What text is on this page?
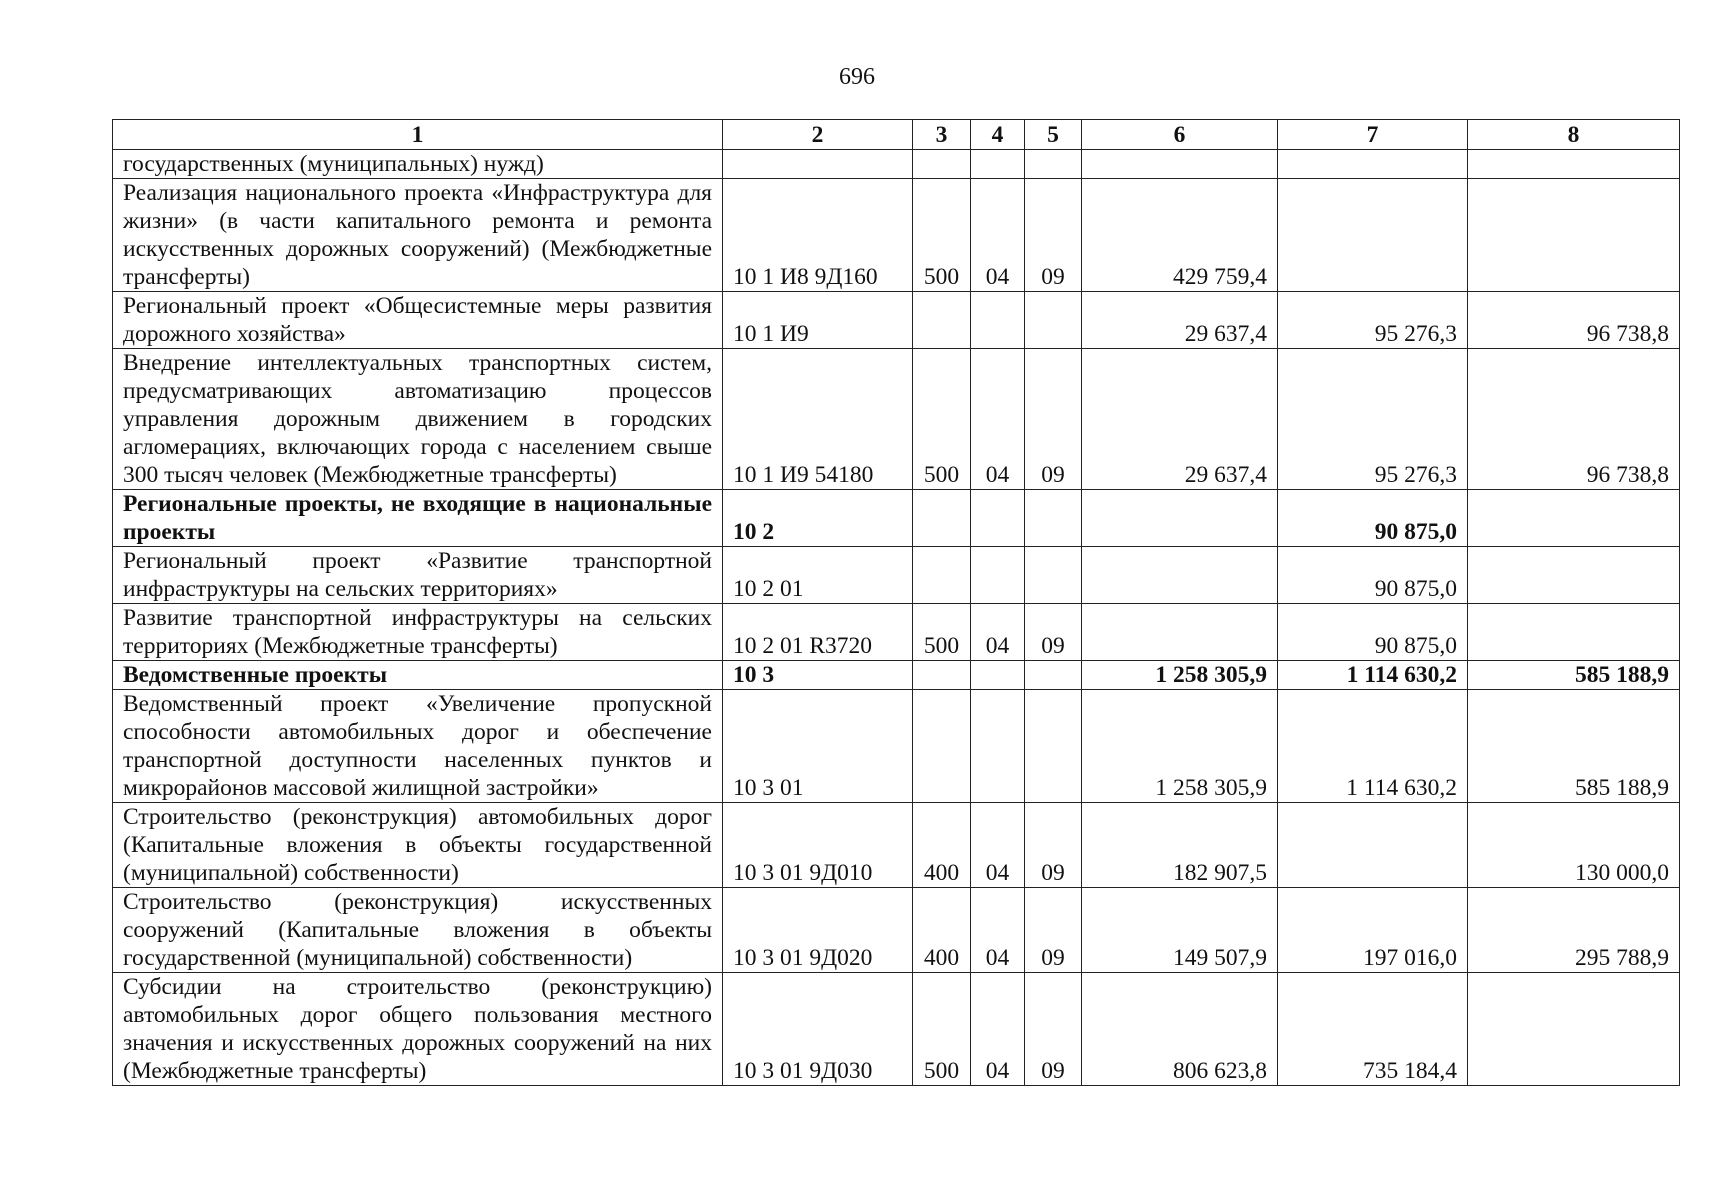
696
1	2	3	4	5	6	7	8
государственных (муниципальных) нужд)							
Реализация национального проекта «Инфраструктура для жизни» (в части капитального ремонта и ремонта искусственных дорожных сооружений) (Межбюджетные трансферты)	10 1 И8 9Д160	500	04	09	429 759,4		
Региональный проект «Общесистемные меры развития дорожного хозяйства»	10 1 И9				29 637,4	95 276,3	96 738,8
Внедрение интеллектуальных транспортных систем, предусматривающих автоматизацию процессов управления дорожным движением в городских агломерациях, включающих города с населением свыше 300 тысяч человек (Межбюджетные трансферты)	10 1 И9 54180	500	04	09	29 637,4	95 276,3	96 738,8
Региональные проекты, не входящие в национальные проекты	10 2					90 875,0	
Региональный проект «Развитие транспортной инфраструктуры на сельских территориях»	10 2 01					90 875,0	
Развитие транспортной инфраструктуры на сельских территориях (Межбюджетные трансферты)	10 2 01 R3720	500	04	09		90 875,0	
Ведомственные проекты	10 3				1 258 305,9	1 114 630,2	585 188,9
Ведомственный проект «Увеличение пропускной способности автомобильных дорог и обеспечение транспортной доступности населенных пунктов и микрорайонов массовой жилищной застройки»	10 3 01				1 258 305,9	1 114 630,2	585 188,9
Строительство (реконструкция) автомобильных дорог (Капитальные вложения в объекты государственной (муниципальной) собственности)	10 3 01 9Д010	400	04	09	182 907,5		130 000,0
Строительство (реконструкция) искусственных сооружений (Капитальные вложения в объекты государственной (муниципальной) собственности)	10 3 01 9Д020	400	04	09	149 507,9	197 016,0	295 788,9
Субсидии на строительство (реконструкцию) автомобильных дорог общего пользования местного значения и искусственных дорожных сооружений на них (Межбюджетные трансферты)	10 3 01 9Д030	500	04	09	806 623,8	735 184,4	
